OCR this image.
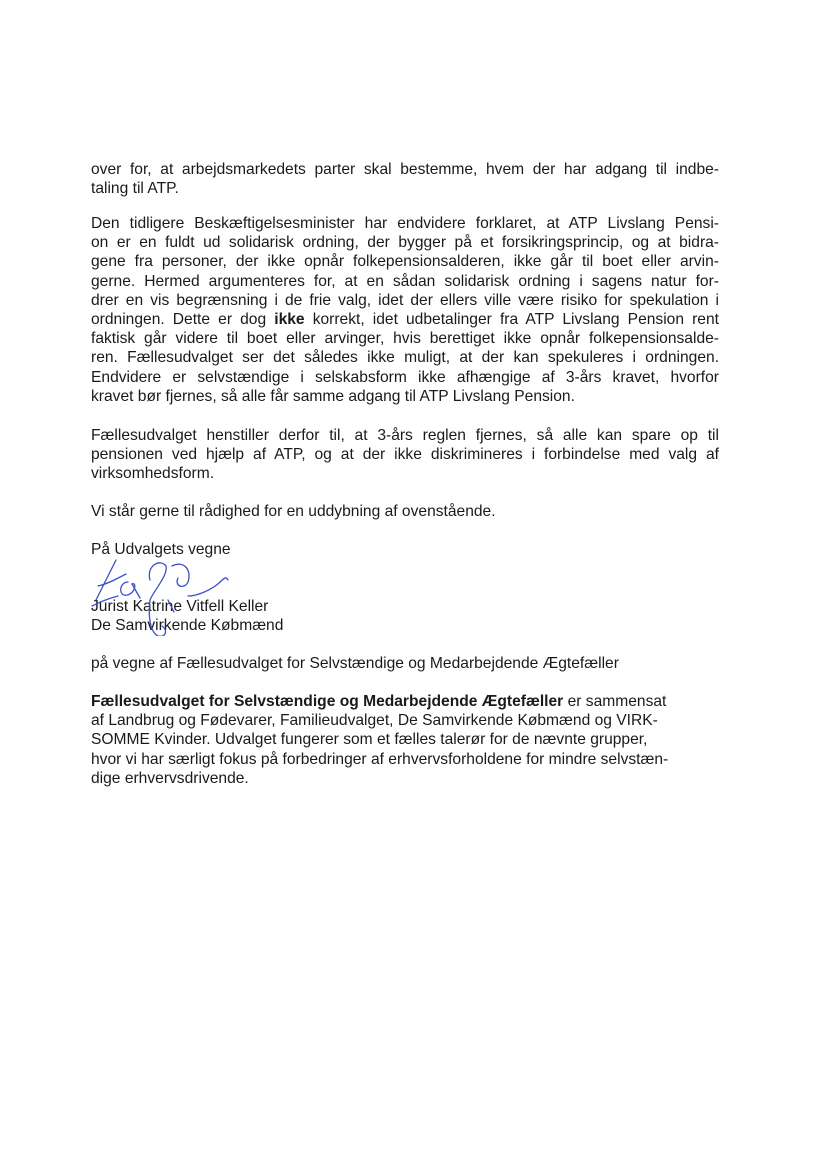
over for, at arbejdsmarkedets parter skal bestemme, hvem der har adgang til indbe-
taling til ATP.
Den tidligere Beskæftigelsesminister har endvidere forklaret, at ATP Livslang Pensi-
on er en fuldt ud solidarisk ordning, der bygger på et forsikringsprincip, og at bidra-
gene fra personer, der ikke opnår folkepensionsalderen, ikke går til boet eller arvin-
gerne. Hermed argumenteres for, at en sådan solidarisk ordning i sagens natur for-
drer en vis begrænsning i de frie valg, idet der ellers ville være risiko for spekulation i
ordningen. Dette er dog ikke korrekt, idet udbetalinger fra ATP Livslang Pension rent
faktisk går videre til boet eller arvinger, hvis berettiget ikke opnår folkepensionsalde-
ren. Fællesudvalget ser det således ikke muligt, at der kan spekuleres i ordningen.
Endvidere er selvstændige i selskabsform ikke afhængige af 3-års kravet, hvorfor
kravet bør fjernes, så alle får samme adgang til ATP Livslang Pension.
Fællesudvalget henstiller derfor til, at 3-års reglen fjernes, så alle kan spare op til
pensionen ved hjælp af ATP, og at der ikke diskrimineres i forbindelse med valg af
virksomhedsform.
Vi står gerne til rådighed for en uddybning af ovenstående.
På Udvalgets vegne
Jurist Katrine Vitfell Keller
De Samvirkende Købmænd
på vegne af Fællesudvalget for Selvstændige og Medarbejdende Ægtefæller
Fællesudvalget for Selvstændige og Medarbejdende Ægtefæller er sammensat
af Landbrug og Fødevarer, Familieudvalget, De Samvirkende Købmænd og VIRK-
SOMME Kvinder. Udvalget fungerer som et fælles talerør for de nævnte grupper,
hvor vi har særligt fokus på forbedringer af erhvervsforholdene for mindre selvstæn-
dige erhvervsdrivende.
